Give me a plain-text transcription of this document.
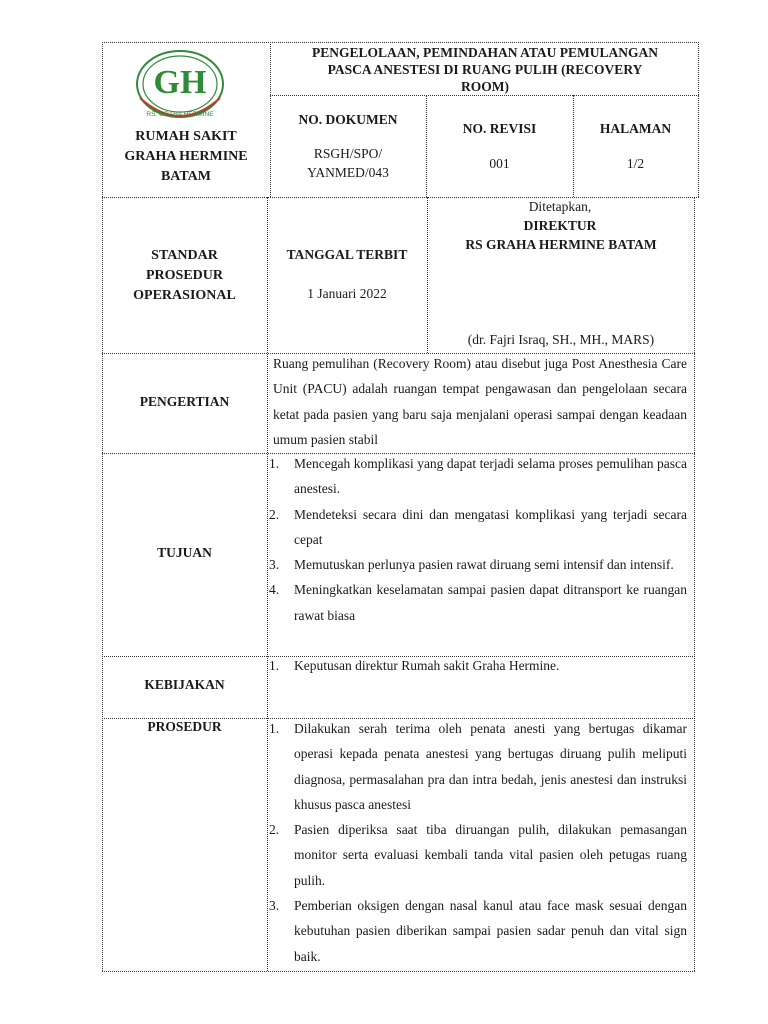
GH
RS. GRAHA HERMINE
RUMAH SAKIT
GRAHA HERMINE
BATAM
PENGELOLAAN, PEMINDAHAN ATAU PEMULANGAN
PASCA ANESTESI DI RUANG PULIH (RECOVERY
ROOM)
NO. DOKUMEN
RSGH/SPO/
YANMED/043
NO. REVISI
001
HALAMAN
1/2
STANDAR
PROSEDUR
OPERASIONAL
TANGGAL TERBIT
1 Januari 2022
Ditetapkan,
DIREKTUR
RS GRAHA HERMINE BATAM
(dr. Fajri Israq, SH., MH., MARS)
PENGERTIAN
Ruang pemulihan (Recovery Room) atau disebut juga Post Anesthesia Care Unit (PACU) adalah ruangan tempat pengawasan dan pengelolaan secara ketat pada pasien yang baru saja menjalani operasi sampai dengan keadaan umum pasien stabil
TUJUAN
1. Mencegah komplikasi yang dapat terjadi selama proses pemulihan pasca anestesi.
2. Mendeteksi secara dini dan mengatasi komplikasi yang terjadi secara cepat
3. Memutuskan perlunya pasien rawat diruang semi intensif dan intensif.
4. Meningkatkan keselamatan sampai pasien dapat ditransport ke ruangan rawat biasa
KEBIJAKAN
1. Keputusan direktur Rumah sakit Graha Hermine.
PROSEDUR	1. Dilakukan serah terima oleh penata anesti yang bertugas dikamar operasi kepada penata anestesi yang bertugas diruang pulih meliputi diagnosa, permasalahan pra dan intra bedah, jenis anestesi dan instruksi khusus pasca anestesi
2. Pasien diperiksa saat tiba diruangan pulih, dilakukan pemasangan monitor serta evaluasi kembali tanda vital pasien oleh petugas ruang pulih.
3. Pemberian oksigen dengan nasal kanul atau face mask sesuai dengan kebutuhan pasien diberikan sampai pasien sadar penuh dan vital sign baik.
